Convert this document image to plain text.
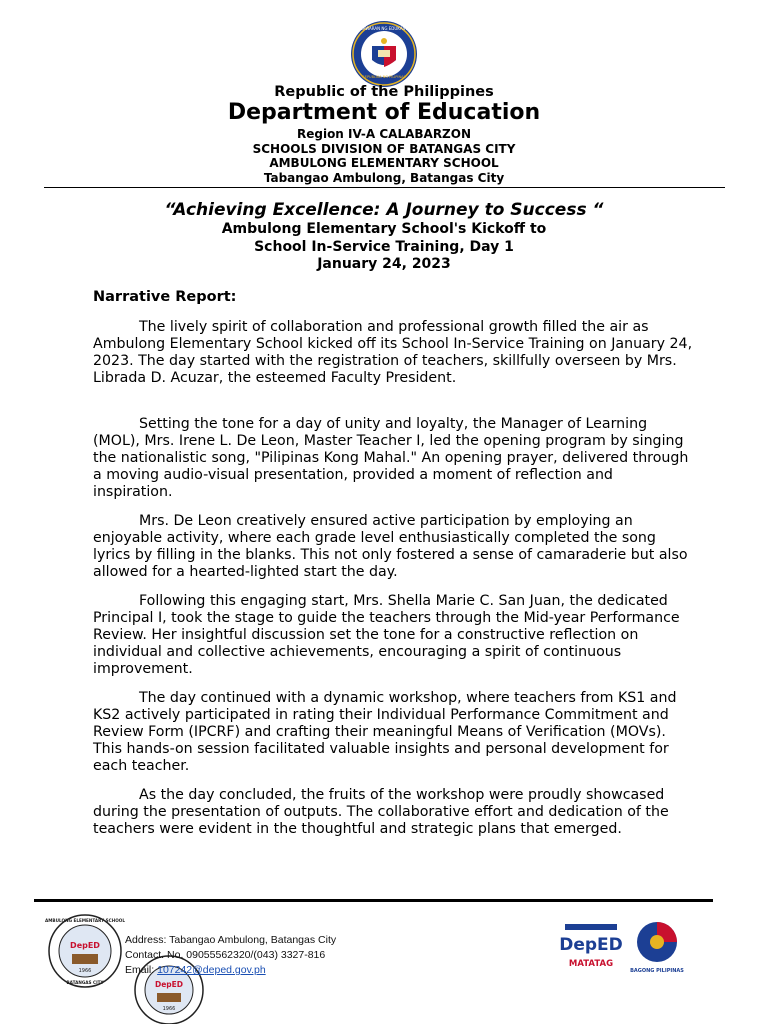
REPUBLIKA NG PILIPINAS
KAGAWARAN NG EDUKASYON
Republic of the Philippines
Department of Education
Region IV-A CALABARZON
SCHOOLS DIVISION OF BATANGAS CITY
AMBULONG ELEMENTARY SCHOOL
Tabangao Ambulong, Batangas City
“Achieving Excellence: A Journey to Success “
Ambulong Elementary School's Kickoff to
School In-Service Training, Day 1
January 24, 2023
Narrative Report:

The lively spirit of collaboration and professional growth filled the air as Ambulong Elementary School kicked off its School In-Service Training on January 24, 2023. The day started with the registration of teachers, skillfully overseen by Mrs. Librada D. Acuzar, the esteemed Faculty President.

Setting the tone for a day of unity and loyalty, the Manager of Learning (MOL), Mrs. Irene L. De Leon, Master Teacher I, led the opening program by singing the nationalistic song, "Pilipinas Kong Mahal." An opening prayer, delivered through a moving audio-visual presentation, provided a moment of reflection and inspiration.

Mrs. De Leon creatively ensured active participation by employing an enjoyable activity, where each grade level enthusiastically completed the song lyrics by filling in the blanks. This not only fostered a sense of camaraderie but also allowed for a hearted-lighted start the day.

Following this engaging start, Mrs. Shella Marie C. San Juan, the dedicated Principal I, took the stage to guide the teachers through the Mid-year Performance Review. Her insightful discussion set the tone for a constructive reflection on individual and collective achievements, encouraging a spirit of continuous improvement.

The day continued with a dynamic workshop, where teachers from KS1 and KS2 actively participated in rating their Individual Performance Commitment and Review Form (IPCRF) and crafting their meaningful Means of Verification (MOVs). This hands-on session facilitated valuable insights and personal development for each teacher.

As the day concluded, the fruits of the workshop were proudly showcased during the presentation of outputs. The collaborative effort and dedication of the teachers were evident in the thoughtful and strategic plans that emerged.

DepED
1966
AMBULONG ELEMENTARY SCHOOL
BATANGAS CITY	DepED
1966
Address: Tabangao Ambulong, Batangas City
Contact. No. 09055562320/(043) 3327-816
Email: 107242@deped.gov.ph
DepED
MATATAG
BAGONG PILIPINAS
